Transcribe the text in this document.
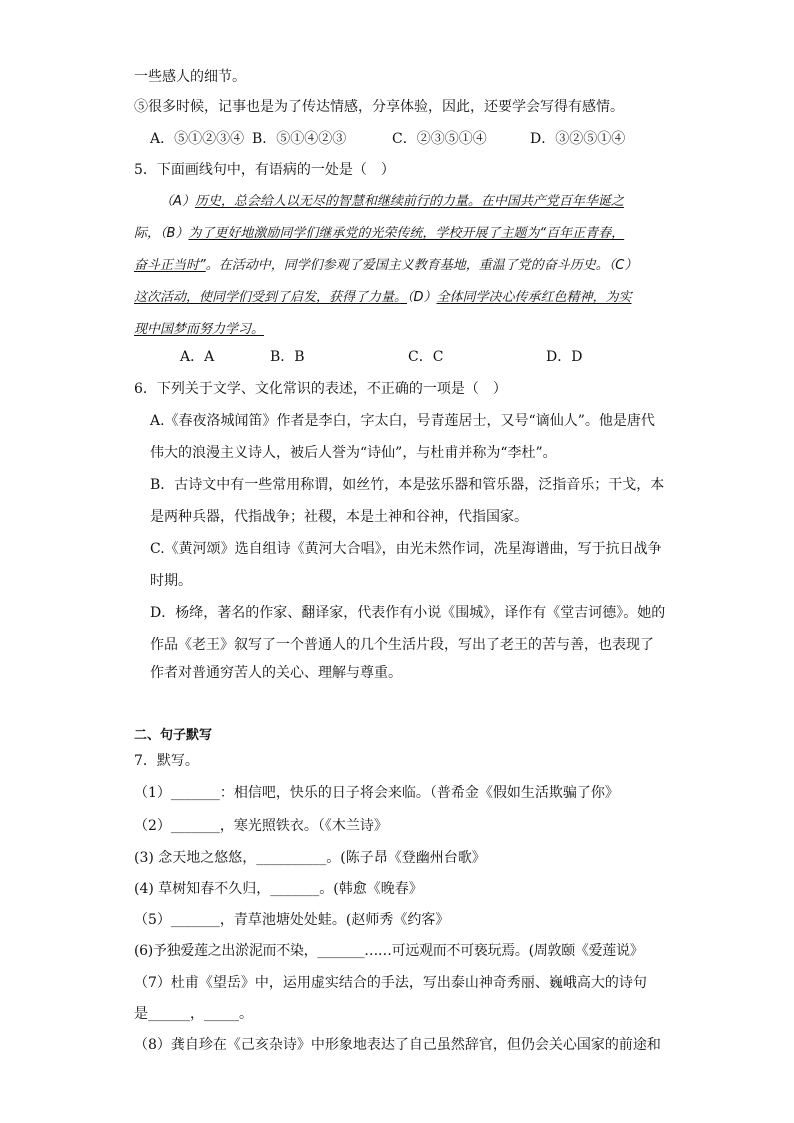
一些感人的细节。
⑤很多时候，记事也是为了传达情感，分享体验，因此，还要学会写得有感情。
A．⑤①②③④ B．⑤①④②③	C．②③⑤①④	D．③②⑤①④
5．下面画线句中，有语病的一处是（　）
（A）历史，总会给人以无尽的智慧和继续前行的力量。在中国共产党百年华诞之
际，（B）为了更好地激励同学们继承党的光荣传统，学校开展了主题为“百年正青春，
奋斗正当时”。在活动中，同学们参观了爱国主义教育基地，重温了党的奋斗历史。（C）
这次活动，使同学们受到了启发，获得了力量。（D）全体同学决心传承红色精神，为实
现中国梦而努力学习。
A．A	B．B	C．C	D．D
6．下列关于文学、文化常识的表述，不正确的一项是（　）
A.《春夜洛城闻笛》作者是李白，字太白，号青莲居士，又号“谪仙人”。他是唐代
伟大的浪漫主义诗人，被后人誉为“诗仙”，与杜甫并称为“李杜”。
B．古诗文中有一些常用称谓，如丝竹，本是弦乐器和管乐器，泛指音乐；干戈，本
是两种兵器，代指战争；社稷，本是土神和谷神，代指国家。
C.《黄河颂》选自组诗《黄河大合唱》，由光未然作词，冼星海谱曲，写于抗日战争
时期。
D．杨绛，著名的作家、翻译家，代表作有小说《围城》，译作有《堂吉诃德》。她的
作品《老王》叙写了一个普通人的几个生活片段，写出了老王的苦与善，也表现了
作者对普通穷苦人的关心、理解与尊重。
二、句子默写
7．默写。
（1）_______：相信吧，快乐的日子将会来临。（普希金《假如生活欺骗了你》
（2）_______，寒光照铁衣。（《木兰诗》
(3) 念天地之悠悠，__________。(陈子昂《登幽州台歌》
(4) 草树知春不久归，_______。(韩愈《晚春》
（5）_______，青草池塘处处蛙。(赵师秀《约客》
(6)予独爱莲之出淤泥而不染，_______……可远观而不可亵玩焉。(周敦颐《爱莲说》
（7）杜甫《望岳》中，运用虚实结合的手法，写出泰山神奇秀丽、巍峨高大的诗句
是______，_____。
（8）龚自珍在《己亥杂诗》中形象地表达了自己虽然辞官，但仍会关心国家的前途和
